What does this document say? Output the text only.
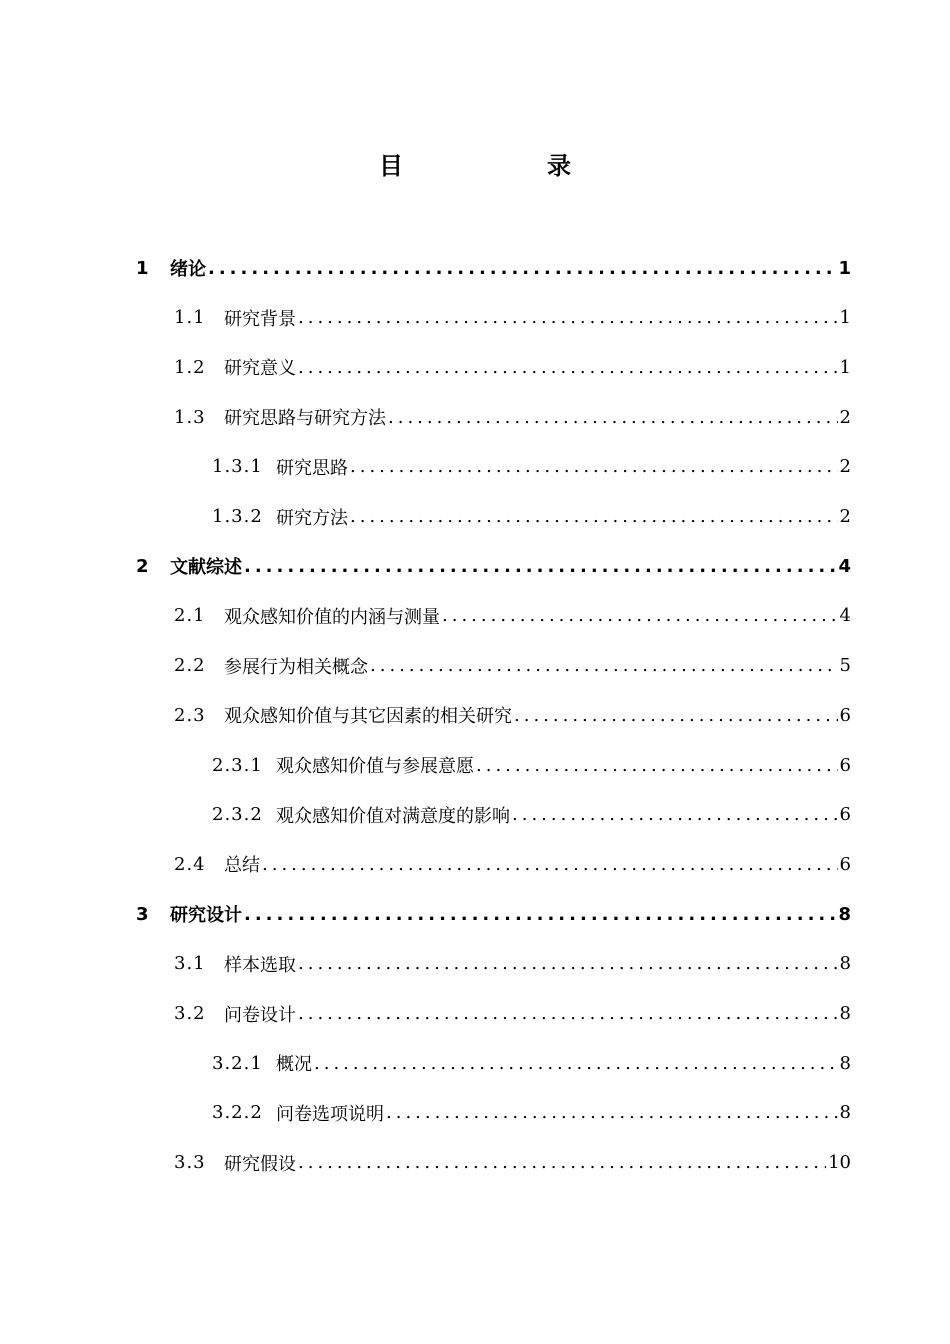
目　录
1	绪论 .....	1
1.1	研究背景 .....	1
1.2	研究意义 .....	1
1.3	研究思路与研究方法 .....	2
1.3.1 研究思路 .....	2
1.3.2 研究方法 .....	2
2	文献综述 .....	4
2.1	观众感知价值的内涵与测量 .....	4
2.2	参展行为相关概念 .....	5
2.3	观众感知价值与其它因素的相关研究 .....	6
2.3.1 观众感知价值与参展意愿 .....	6
2.3.2 观众感知价值对满意度的影响 .....	6
2.4	总结 .....	6
3	研究设计 .....	8
3.1	样本选取 .....	8
3.2	问卷设计 .....	8
3.2.1 概况 .....	8
3.2.2 问卷选项说明 .....	8
3.3	研究假设 .....	10
